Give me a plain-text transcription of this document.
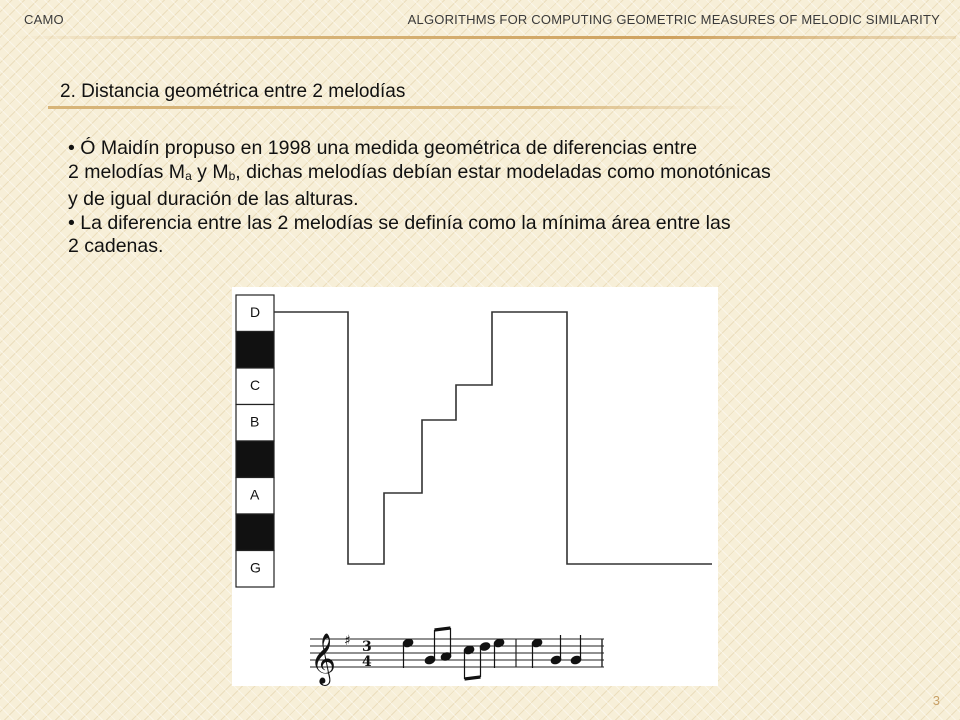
CAMO	ALGORITHMS FOR COMPUTING GEOMETRIC MEASURES OF MELODIC SIMILARITY
2. Distancia geométrica entre 2 melodías
• Ó Maidín propuso en 1998 una medida geométrica de diferencias entre
2 melodías $M_a$ y $M_b$, dichas melodías debían estar modeladas como monotónicas
y de igual duración de las alturas.
• La diferencia entre las 2 melodías se definía como la mínima área entre las
2 cadenas.
D
C
B
A
G
𝄞 ♯ 3
4
3
